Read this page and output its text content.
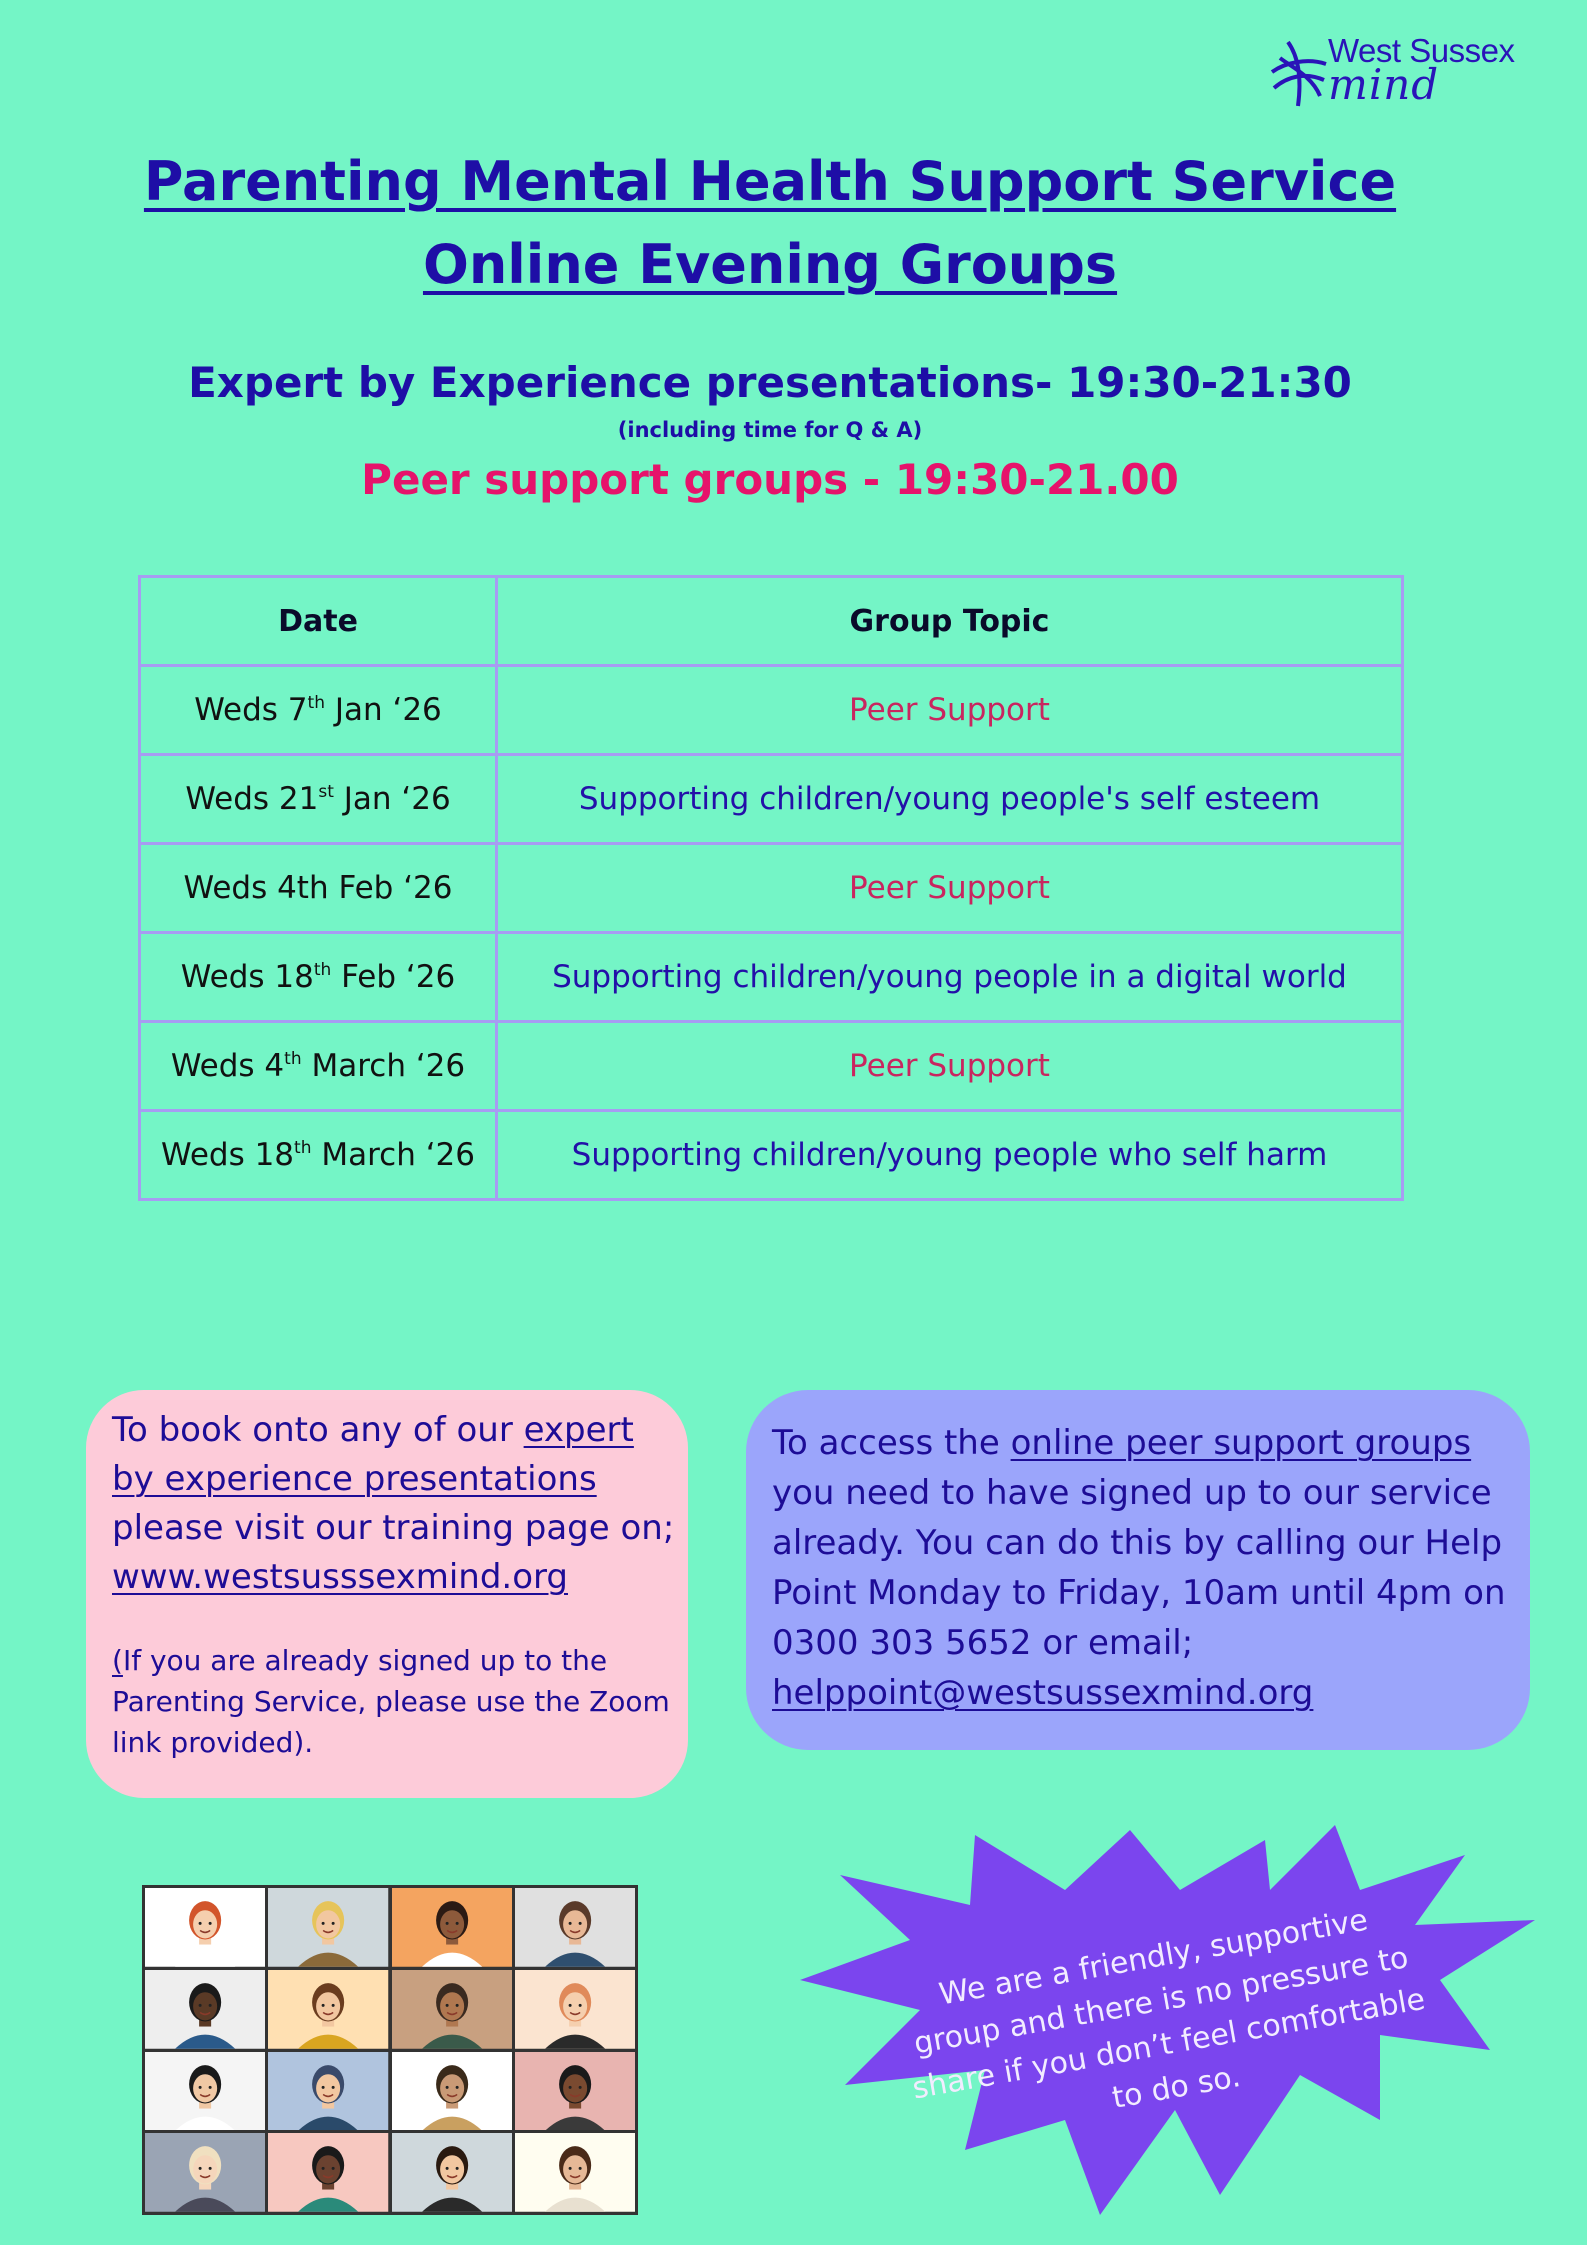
West Sussex
mind
Parenting Mental Health Support Service
Online Evening Groups
Expert by Experience presentations- 19:30-21:30
(including time for Q & A)
Peer support groups - 19:30-21.00
Date	Group Topic
Weds 7th Jan ‘26	Peer Support
Weds 21st Jan ‘26	Supporting children/young people's self esteem
Weds 4th Feb ‘26	Peer Support
Weds 18th Feb ‘26	Supporting children/young people in a digital world
Weds 4th March ‘26	Peer Support
Weds 18th March ‘26	Supporting children/young people who self harm
To book onto any of our expert by experience presentations please visit our training page on; www.westsusssexmind.org
(If you are already signed up to the Parenting Service, please use the Zoom link provided).
To access the online peer support groups you need to have signed up to our service already. You can do this by calling our Help Point Monday to Friday, 10am until 4pm on 0300 303 5652 or email; helppoint@westsussexmind.org
We are a friendly, supportive group and there is no pressure to share if you don’t feel comfortable to do so.
